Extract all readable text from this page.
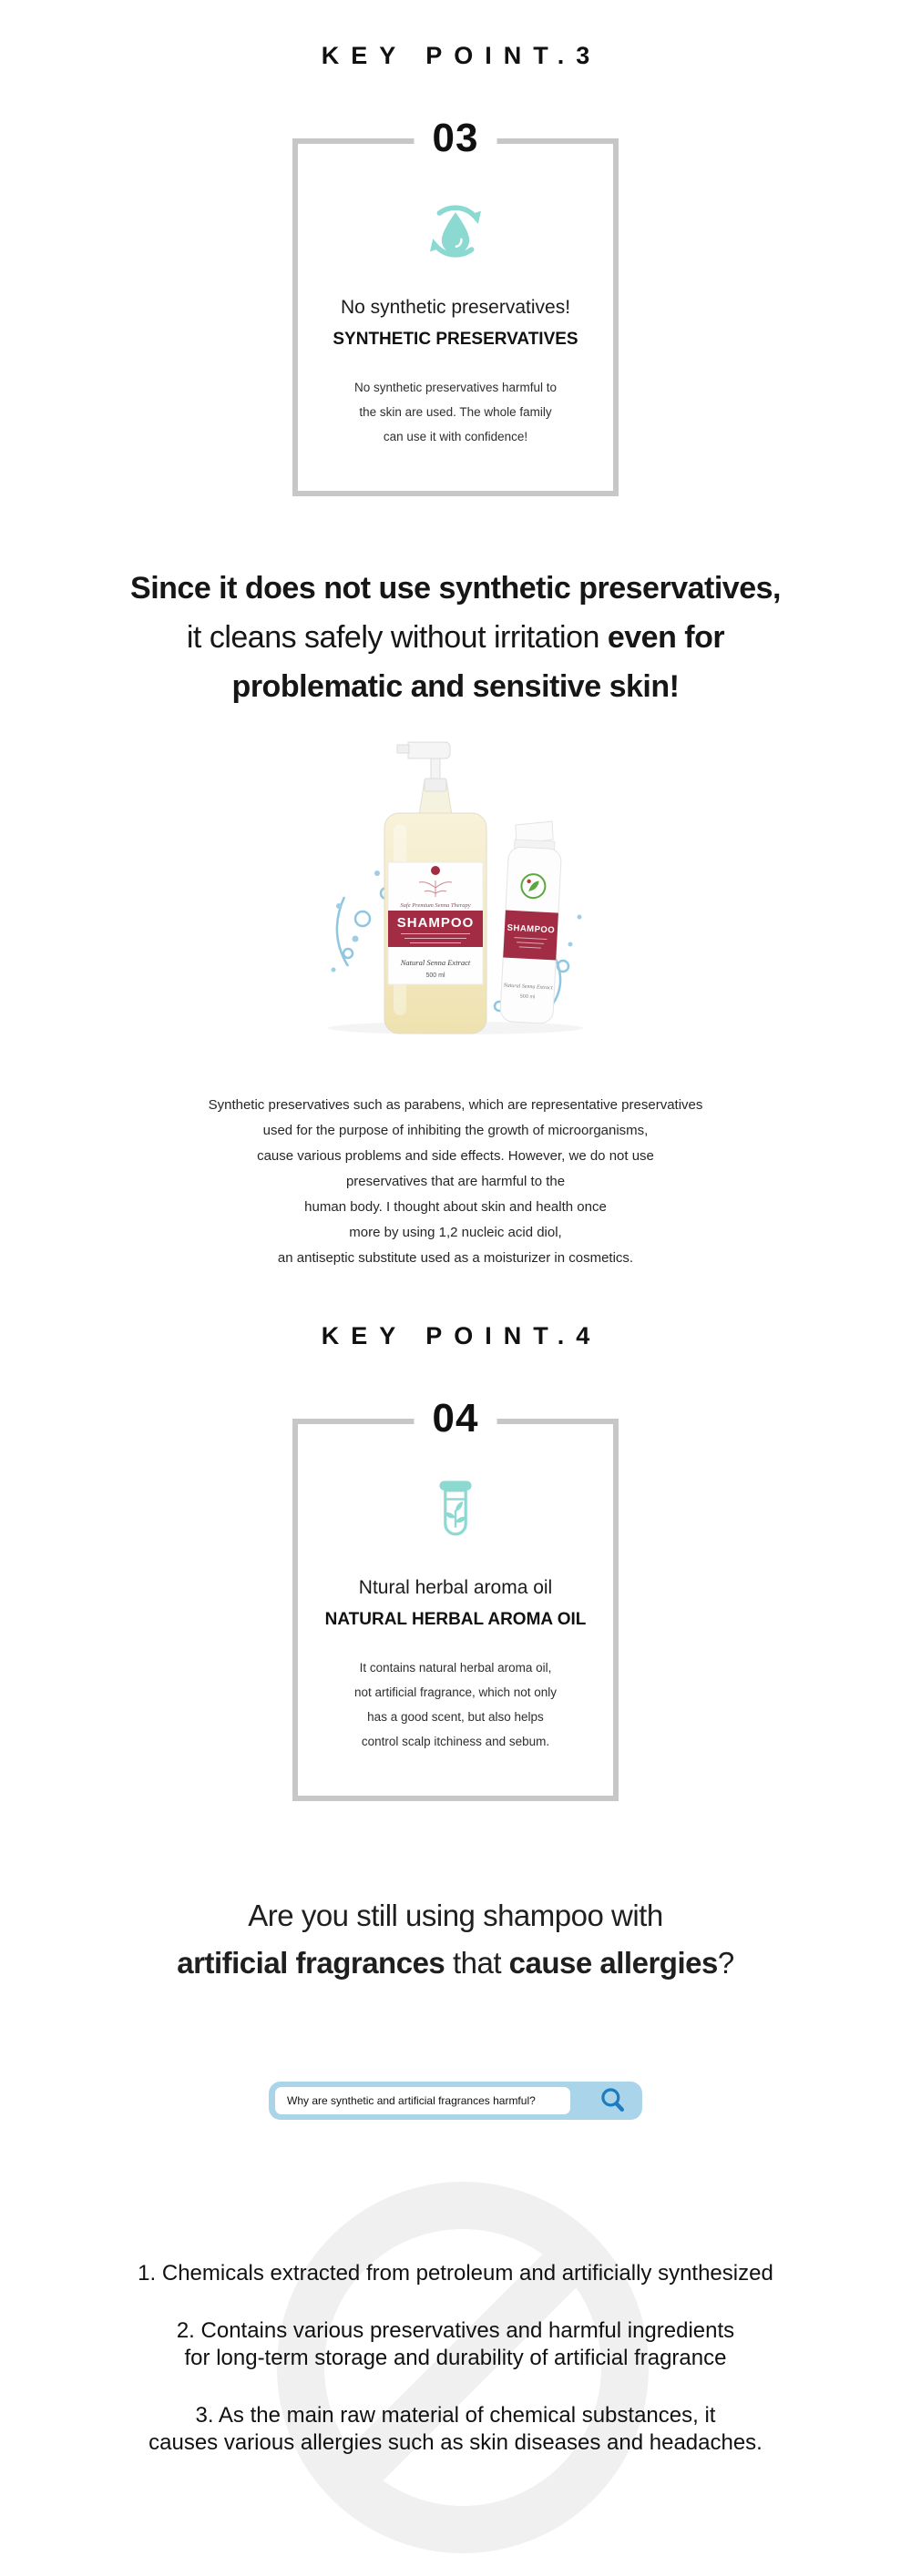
KEY POINT.3
03
No synthetic preservatives!
SYNTHETIC PRESERVATIVES
No synthetic preservatives harmful to
the skin are used. The whole family
can use it with confidence!
Since it does not use synthetic preservatives,
it cleans safely without irritation even for
problematic and sensitive skin!
SHAMPOO
Natural Senna Extract
500 ml
Safe Premium Senna Therapy
SHAMPOO
Natural Senna Extract
500 ml
Synthetic preservatives such as parabens, which are representative preservatives
used for the purpose of inhibiting the growth of microorganisms,
cause various problems and side effects. However, we do not use
preservatives that are harmful to the
human body. I thought about skin and health once
more by using 1,2 nucleic acid diol,
an antiseptic substitute used as a moisturizer in cosmetics.
KEY POINT.4
04
Ntural herbal aroma oil
NATURAL HERBAL AROMA OIL
It contains natural herbal aroma oil,
not artificial fragrance, which not only
has a good scent, but also helps
control scalp itchiness and sebum.
Are you still using shampoo with
artificial fragrances that cause allergies?
Why are synthetic and artificial fragrances harmful?
1. Chemicals extracted from petroleum and artificially synthesized
2. Contains various preservatives and harmful ingredients
for long-term storage and durability of artificial fragrance
3. As the main raw material of chemical substances, it
causes various allergies such as skin diseases and headaches.
